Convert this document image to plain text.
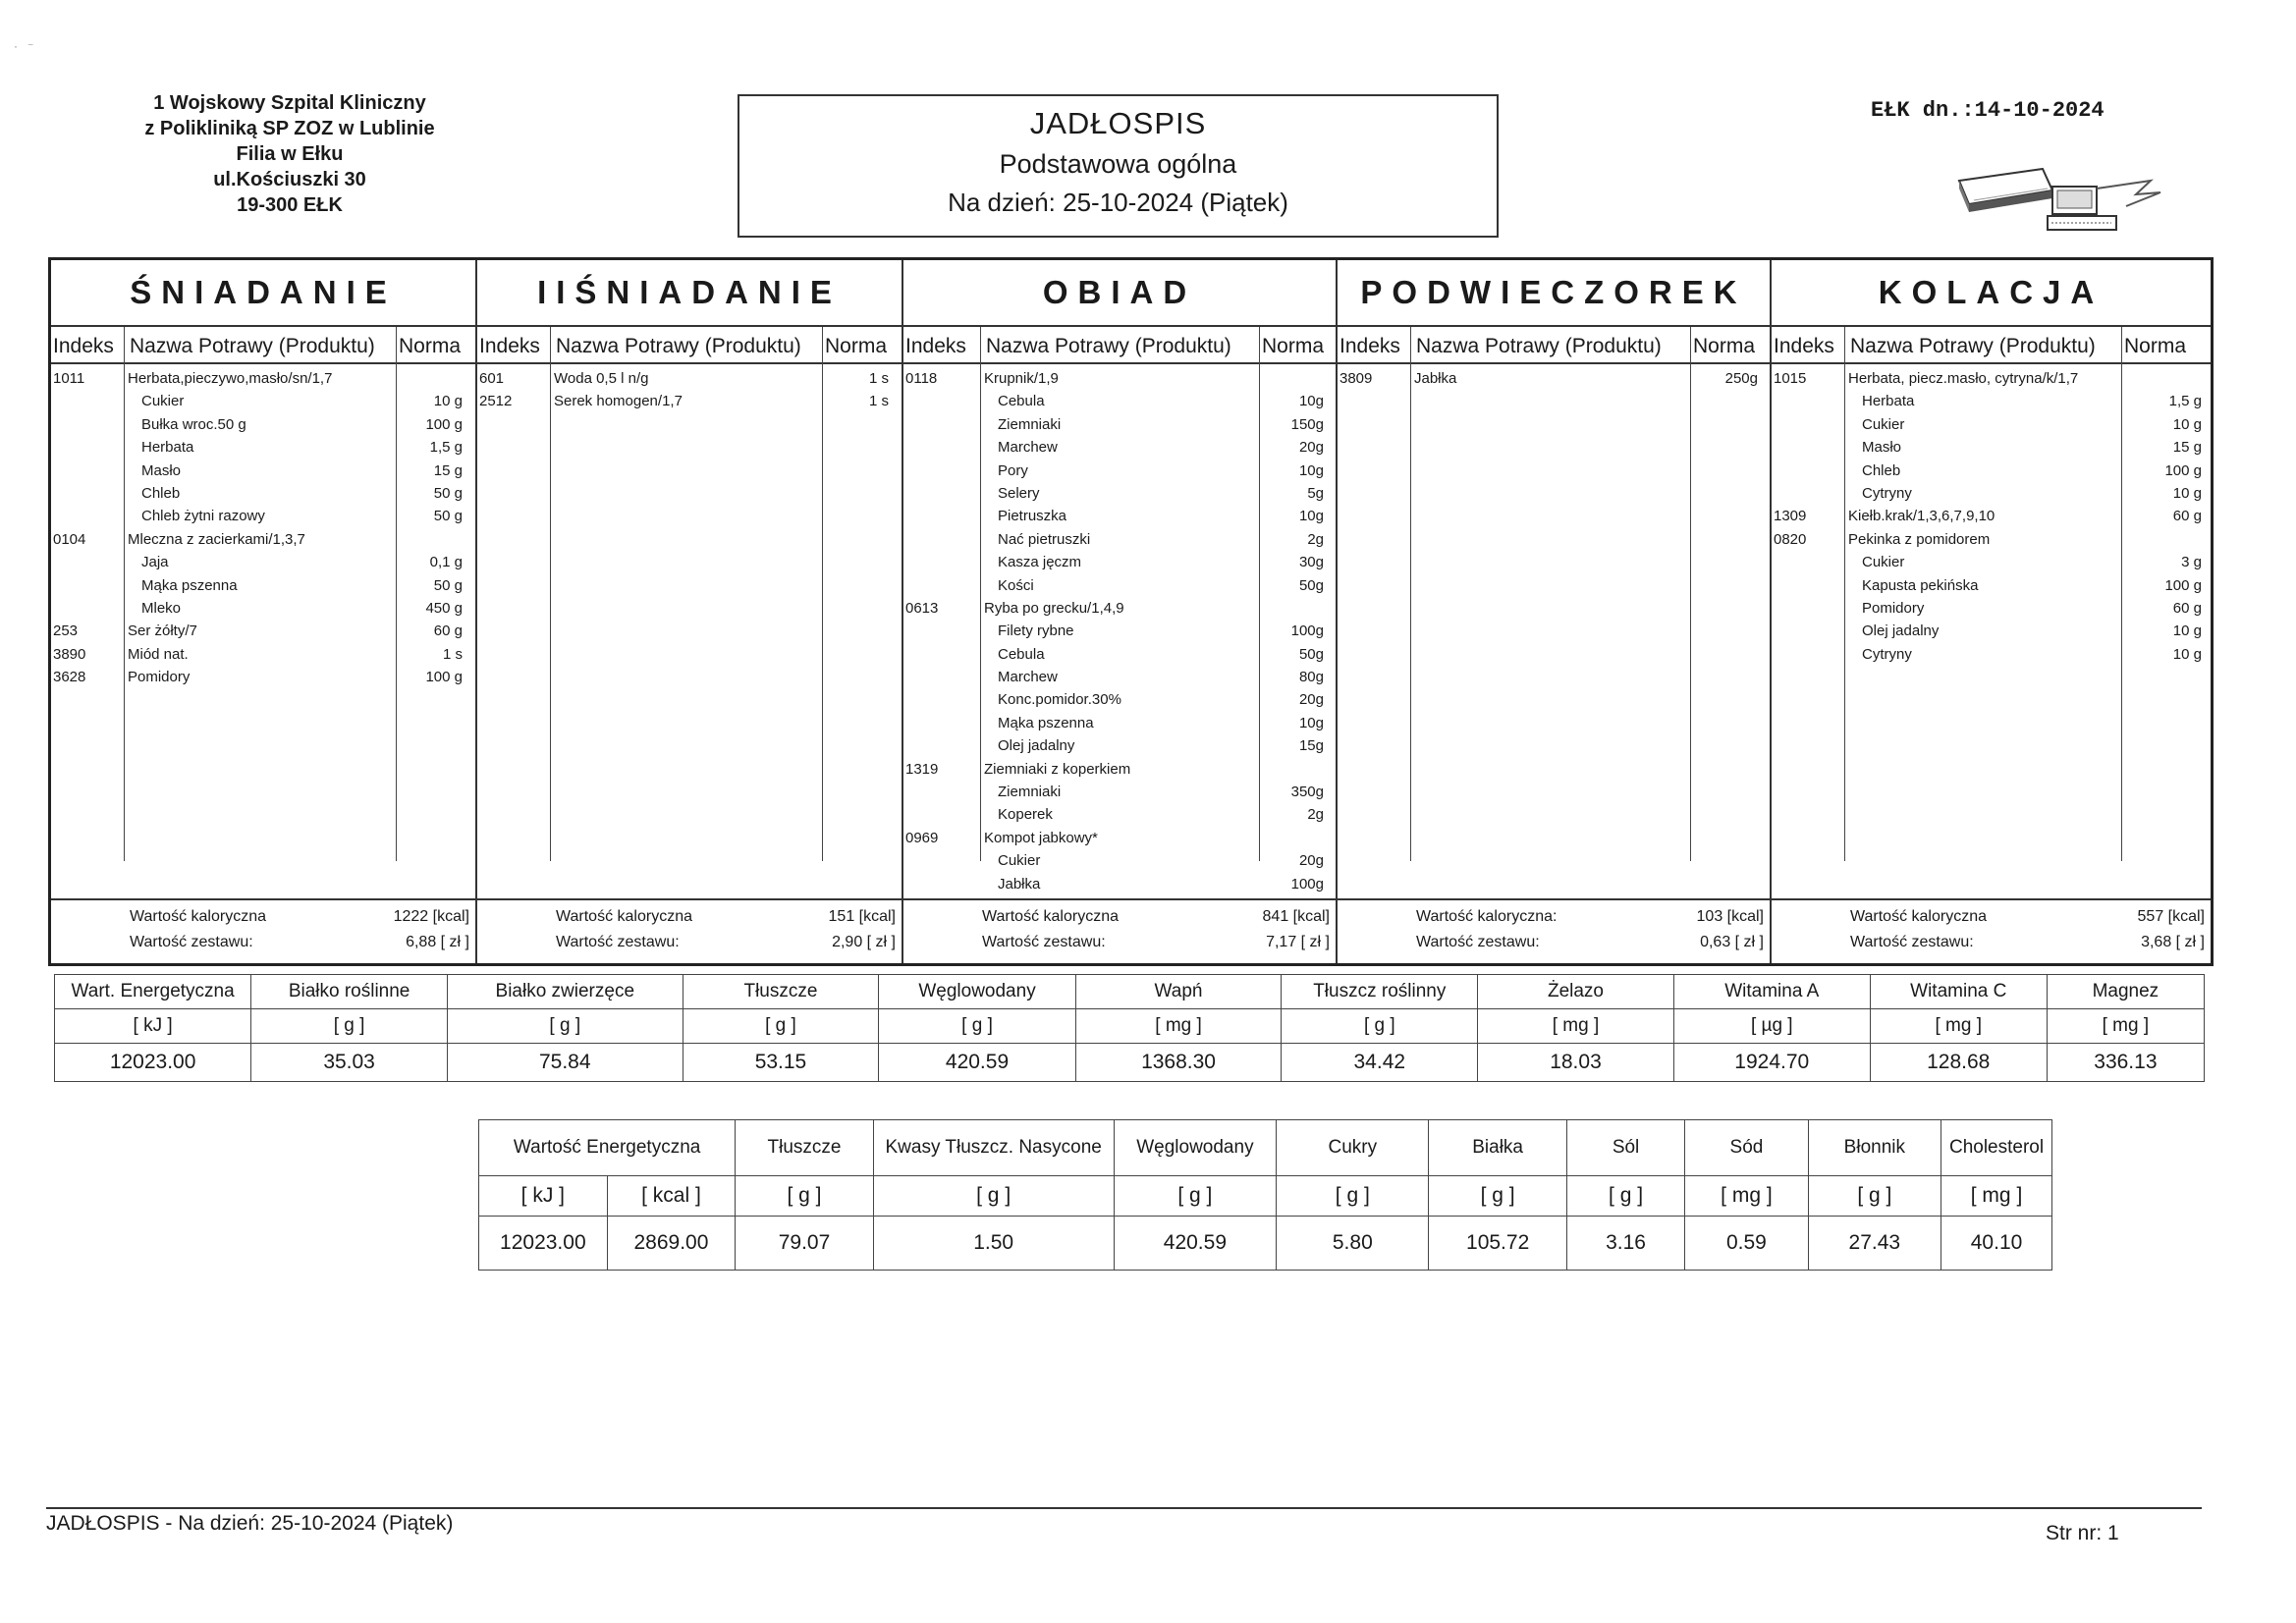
·   ⁻
1 Wojskowy Szpital Kliniczny
z Polikliniką SP ZOZ w Lublinie
Filia w Ełku
ul.Kościuszki 30
19-300 EŁK
JADŁOSPIS
Podstawowa ogólna
Na dzień: 25-10-2024 (Piątek)
EŁK dn.:14-10-2024
ŚNIADANIE
Indeks Nazwa Potrawy (Produktu) Norma
1011	Herbata,pieczywo,masło/sn/1,7
Cukier	10 g
Bułka wroc.50 g	100 g
Herbata	1,5 g
Masło	15 g
Chleb	50 g
Chleb żytni razowy	50 g
0104	Mleczna z zacierkami/1,3,7
Jaja	0,1 g
Mąka pszenna	50 g
Mleko	450 g
253	Ser żółty/7	60 g
3890	Miód nat.	1 s
3628	Pomidory	100 g
Wartość kaloryczna	1222 [kcal]
Wartość zestawu:	6,88 [ zł ]
IIŚNIADANIE
Indeks Nazwa Potrawy (Produktu) Norma
601	Woda 0,5 l n/g	1 s
2512	Serek homogen/1,7	1 s
Wartość kaloryczna	151 [kcal]
Wartość zestawu:	2,90 [ zł ]
OBIAD
Indeks Nazwa Potrawy (Produktu) Norma
0118	Krupnik/1,9
Cebula	10g
Ziemniaki	150g
Marchew	20g
Pory	10g
Selery	5g
Pietruszka	10g
Nać pietruszki	2g
Kasza jęczm	30g
Kości	50g
0613	Ryba po grecku/1,4,9
Filety rybne	100g
Cebula	50g
Marchew	80g
Konc.pomidor.30%	20g
Mąka pszenna	10g
Olej jadalny	15g
1319	Ziemniaki z koperkiem
Ziemniaki	350g
Koperek	2g
0969	Kompot jabkowy*
Cukier	20g
Jabłka	100g
Wartość kaloryczna	841 [kcal]
Wartość zestawu:	7,17 [ zł ]
PODWIECZOREK
Indeks Nazwa Potrawy (Produktu) Norma
3809	Jabłka	250g
Wartość kaloryczna:	103 [kcal]
Wartość zestawu:	0,63 [ zł ]
KOLACJA
Indeks Nazwa Potrawy (Produktu) Norma
1015	Herbata, piecz.masło, cytryna/k/1,7
Herbata	1,5 g
Cukier	10 g
Masło	15 g
Chleb	100 g
Cytryny	10 g
1309	Kiełb.krak/1,3,6,7,9,10	60 g
0820	Pekinka z pomidorem
Cukier	3 g
Kapusta pekińska	100 g
Pomidory	60 g
Olej jadalny	10 g
Cytryny	10 g
Wartość kaloryczna	557 [kcal]
Wartość zestawu:	3,68 [ zł ]
Wart. Energetyczna	Białko roślinne	Białko zwierzęce	Tłuszcze	Węglowodany	Wapń	Tłuszcz roślinny	Żelazo	Witamina A	Witamina C	Magnez
[ kJ ]	[ g ]	[ g ]	[ g ]	[ g ]	[ mg ]	[ g ]	[ mg ]	[ µg ]	[ mg ]	[ mg ]
12023.00	35.03	75.84	53.15	420.59	1368.30	34.42	18.03	1924.70	128.68	336.13
Wartość Energetyczna		Tłuszcze	Kwasy Tłuszcz. Nasycone	Węglowodany	Cukry	Białka	Sól	Sód	Błonnik	Cholesterol
[ kJ ]	[ kcal ]	[ g ]	[ g ]	[ g ]	[ g ]	[ g ]	[ g ]	[ mg ]	[ g ]	[ mg ]
12023.00	2869.00	79.07	1.50	420.59	5.80	105.72	3.16	0.59	27.43	40.10
JADŁOSPIS - Na dzień: 25-10-2024 (Piątek)	Str nr: 1
